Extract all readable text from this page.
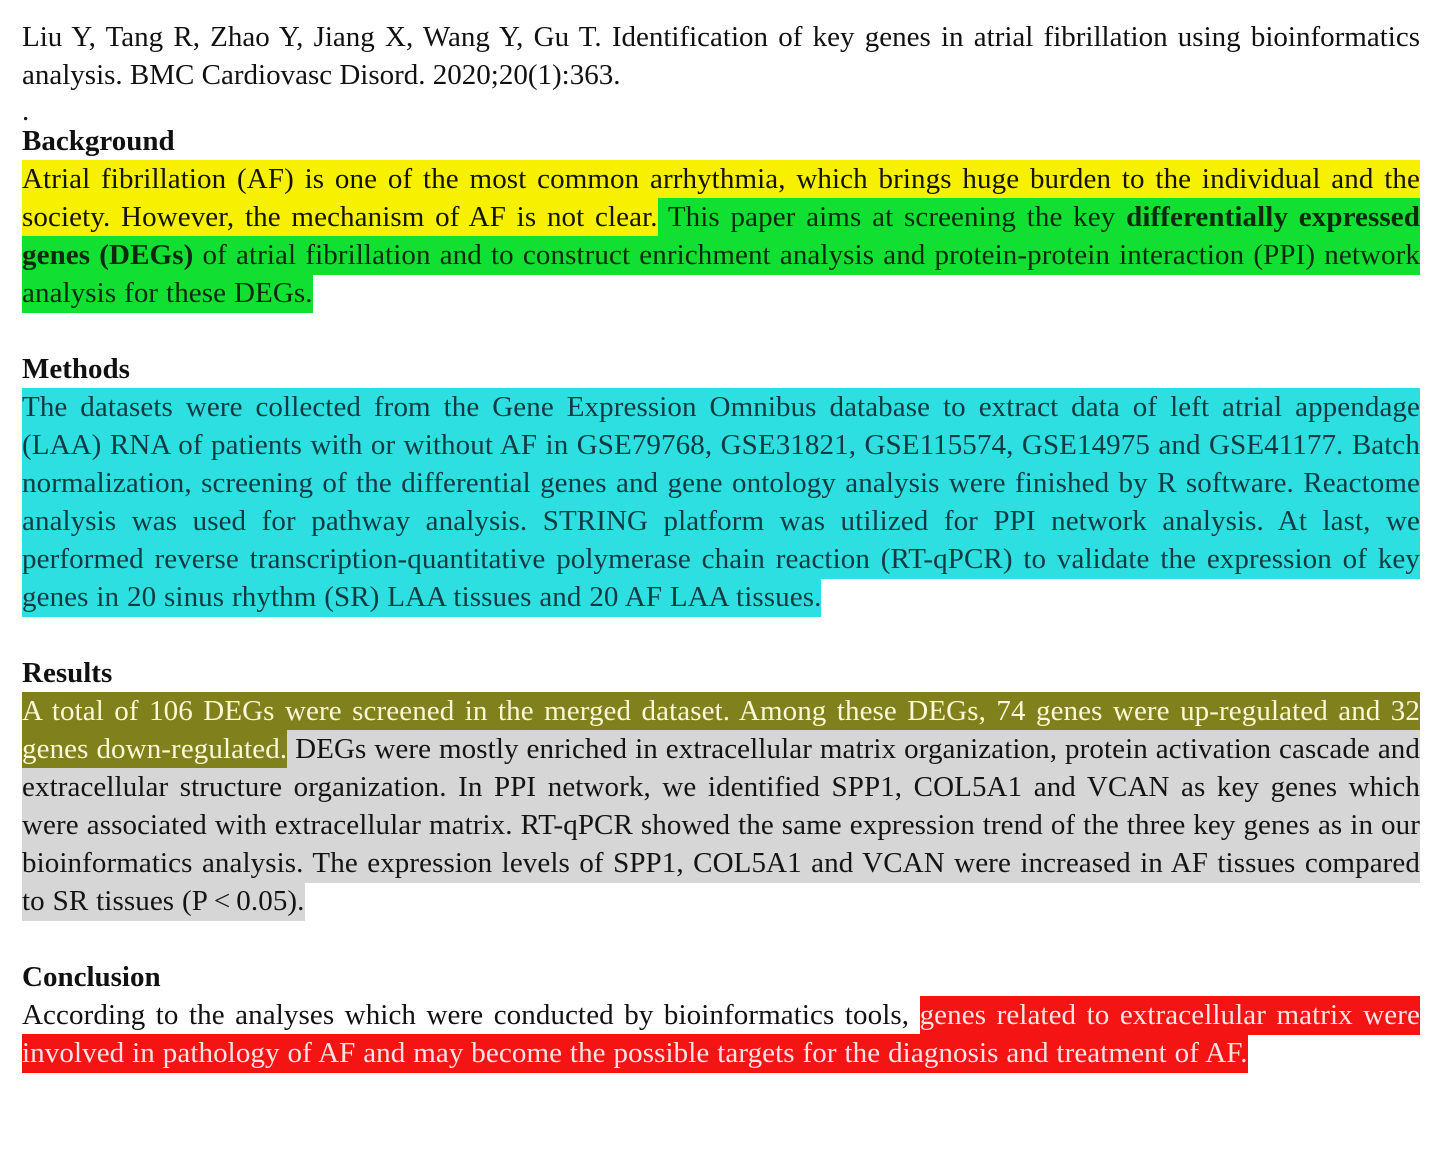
Liu Y, Tang R, Zhao Y, Jiang X, Wang Y, Gu T. Identification of key genes in atrial fibrillation using bioinformatics analysis. BMC Cardiovasc Disord. 2020;20(1):363.

.
Background

Atrial fibrillation (AF) is one of the most common arrhythmia, which brings huge burden to the individual and the society. However, the mechanism of AF is not clear. This paper aims at screening the key differentially expressed genes (DEGs) of atrial fibrillation and to construct enrichment analysis and protein-protein interaction (PPI) network analysis for these DEGs.

Methods

The datasets were collected from the Gene Expression Omnibus database to extract data of left atrial appendage (LAA) RNA of patients with or without AF in GSE79768, GSE31821, GSE115574, GSE14975 and GSE41177. Batch normalization, screening of the differential genes and gene ontology analysis were finished by R software. Reactome analysis was used for pathway analysis. STRING platform was utilized for PPI network analysis. At last, we performed reverse transcription-quantitative polymerase chain reaction (RT-qPCR) to validate the expression of key genes in 20 sinus rhythm (SR) LAA tissues and 20 AF LAA tissues.

Results

A total of 106 DEGs were screened in the merged dataset. Among these DEGs, 74 genes were up-regulated and 32 genes down-regulated. DEGs were mostly enriched in extracellular matrix organization, protein activation cascade and extracellular structure organization. In PPI network, we identified SPP1, COL5A1 and VCAN as key genes which were associated with extracellular matrix. RT-qPCR showed the same expression trend of the three key genes as in our bioinformatics analysis. The expression levels of SPP1, COL5A1 and VCAN were increased in AF tissues compared to SR tissues (P < 0.05).

Conclusion

According to the analyses which were conducted by bioinformatics tools, genes related to extracellular matrix were involved in pathology of AF and may become the possible targets for the diagnosis and treatment of AF.
